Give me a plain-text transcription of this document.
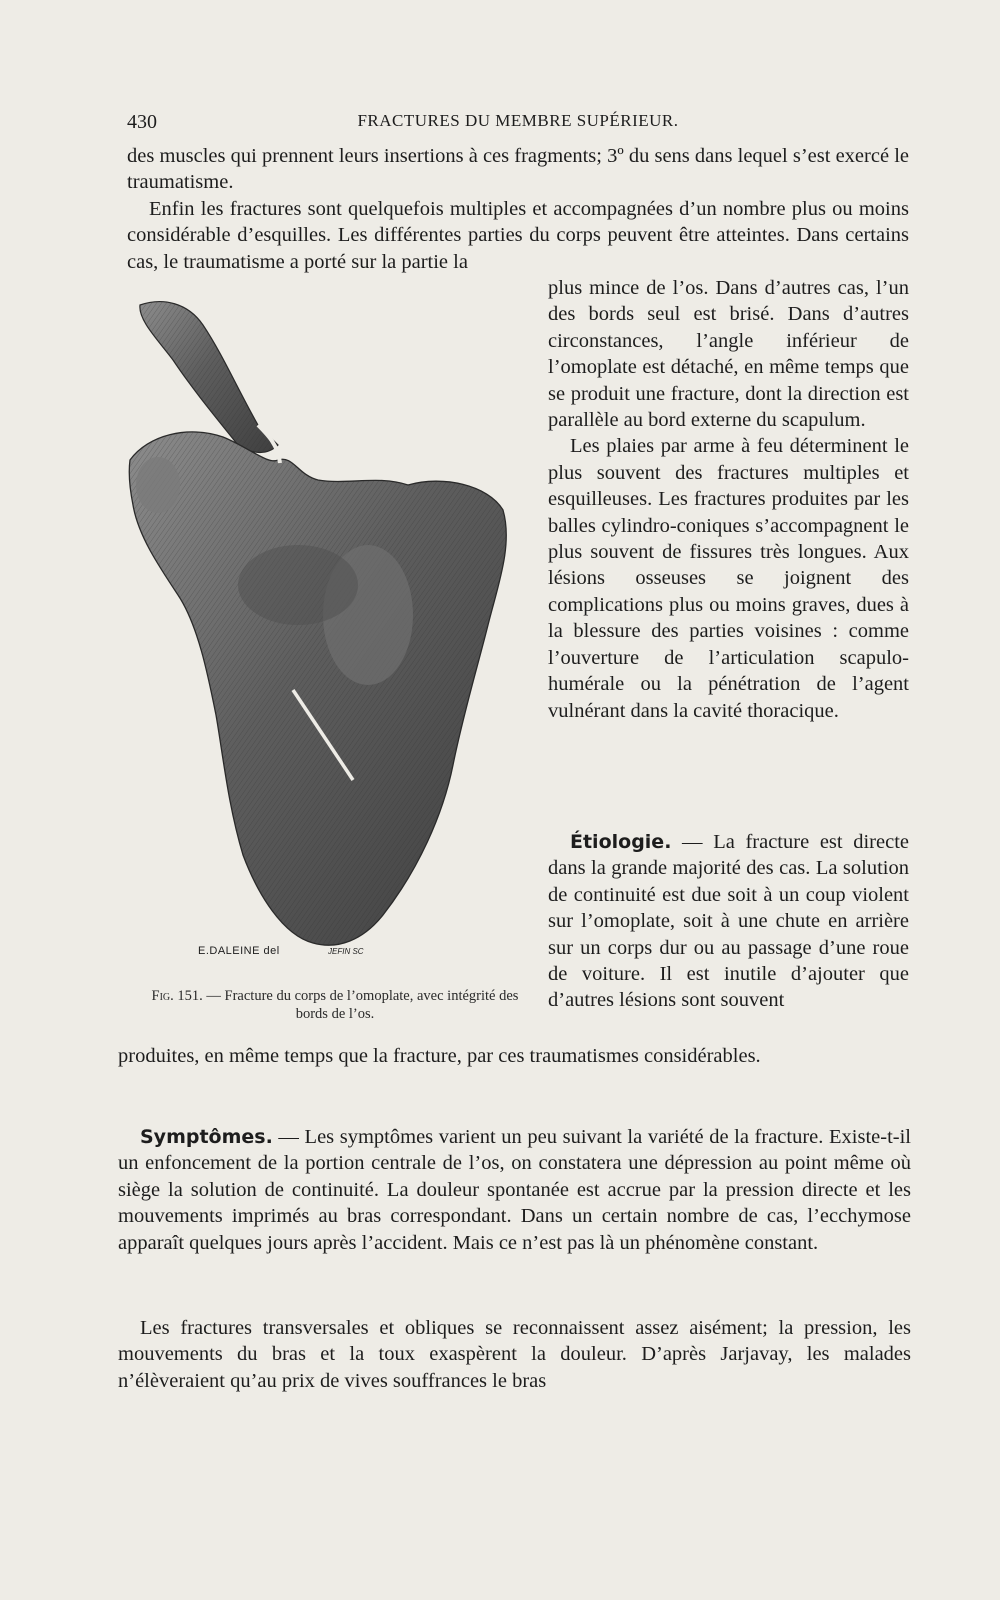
430	FRACTURES DU MEMBRE SUPÉRIEUR.

des muscles qui prennent leurs insertions à ces fragments; 3º du sens dans lequel s’est exercé le traumatisme.

Enfin les fractures sont quelquefois multiples et accompagnées d’un nombre plus ou moins considérable d’esquilles. Les différentes parties du corps peuvent être atteintes. Dans certains cas, le traumatisme a porté sur la partie la

plus mince de l’os. Dans d’autres cas, l’un des bords seul est brisé. Dans d’autres circonstances, l’angle inférieur de l’omoplate est détaché, en même temps que se produit une fracture, dont la direction est parallèle au bord externe du scapulum.

Les plaies par arme à feu déterminent le plus souvent des fractures multiples et esquilleuses. Les fractures produites par les balles cylindro-coniques s’accompagnent le plus souvent de fissures très longues. Aux lésions osseuses se joignent des complications plus ou moins graves, dues à la blessure des parties voisines : comme l’ouverture de l’articulation scapulo-humérale ou la pénétration de l’agent vulnérant dans la cavité thoracique.

Étiologie. — La fracture est directe dans la grande majorité des cas. La solution de continuité est due soit à un coup violent sur l’omoplate, soit à une chute en arrière sur un corps dur ou au passage d’une roue de voiture. Il est inutile d’ajouter que d’autres lésions sont souvent

produites, en même temps que la fracture, par ces traumatismes considérables.

Symptômes. — Les symptômes varient un peu suivant la variété de la fracture. Existe-t-il un enfoncement de la portion centrale de l’os, on constatera une dépression au point même où siège la solution de continuité. La douleur spontanée est accrue par la pression directe et les mouvements imprimés au bras correspondant. Dans un certain nombre de cas, l’ecchymose apparaît quelques jours après l’accident. Mais ce n’est pas là un phénomène constant.

Les fractures transversales et obliques se reconnaissent assez aisément; la pression, les mouvements du bras et la toux exaspèrent la douleur. D’après Jarjavay, les malades n’élèveraient qu’au prix de vives souffrances le bras

E.DALEINE del	JEFIN SC

Fig. 151. — Fracture du corps de l’omoplate, avec intégrité des bords de l’os.
